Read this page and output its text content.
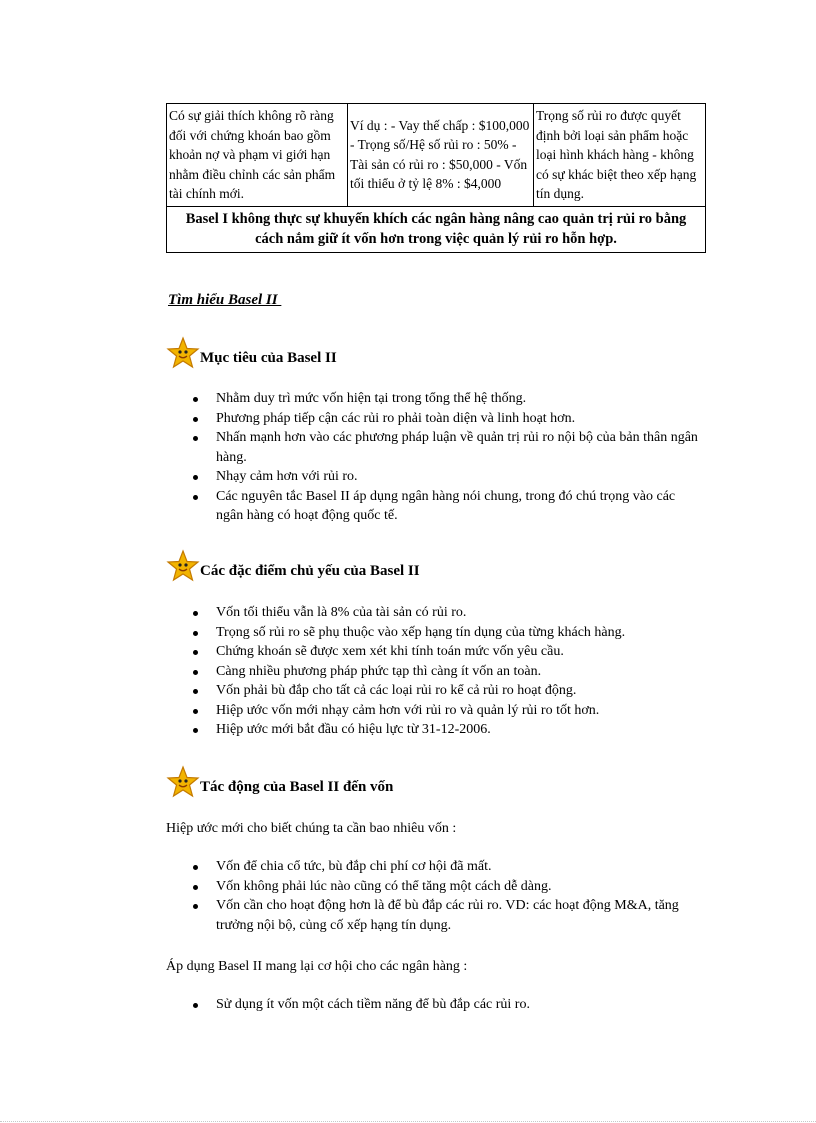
Có sự giải thích không rõ ràng đối với chứng khoán bao gồm khoản nợ và phạm vi giới hạn nhằm điều chỉnh các sản phẩm tài chính mới.	Ví dụ : - Vay thế chấp : $100,000 - Trọng số/Hệ số rủi ro : 50% - Tài sản có rủi ro : $50,000 - Vốn tối thiểu ở tỷ lệ 8% : $4,000	Trọng số rủi ro được quyết định bởi loại sản phẩm hoặc loại hình khách hàng - không có sự khác biệt theo xếp hạng tín dụng.
Basel I không thực sự khuyến khích các ngân hàng nâng cao quản trị rủi ro bằng cách nắm giữ ít vốn hơn trong việc quản lý rủi ro hỗn hợp.
Tìm hiểu Basel II
Mục tiêu của Basel II
Nhằm duy trì mức vốn hiện tại trong tổng thể hệ thống.
Phương pháp tiếp cận các rủi ro phải toàn diện và linh hoạt hơn.
Nhấn mạnh hơn vào các phương pháp luận về quản trị rủi ro nội bộ của bản thân ngân hàng.
Nhạy cảm hơn với rủi ro.
Các nguyên tắc Basel II áp dụng ngân hàng nói chung, trong đó chú trọng vào các ngân hàng có hoạt động quốc tế.
Các đặc điểm chủ yếu của Basel II
Vốn tối thiểu vẫn là 8% của tài sản có rủi ro.
Trọng số rủi ro sẽ phụ thuộc vào xếp hạng tín dụng của từng khách hàng.
Chứng khoán sẽ được xem xét khi tính toán mức vốn yêu cầu.
Càng nhiều phương pháp phức tạp thì càng ít vốn an toàn.
Vốn phải bù đắp cho tất cả các loại rủi ro kể cả rủi ro hoạt động.
Hiệp ước vốn mới nhạy cảm hơn với rủi ro và quản lý rủi ro tốt hơn.
Hiệp ước mới bắt đầu có hiệu lực từ 31-12-2006.
Tác động của Basel II đến vốn
Hiệp ước mới cho biết chúng ta cần bao nhiêu vốn :
Vốn để chia cổ tức, bù đắp chi phí cơ hội đã mất.
Vốn không phải lúc nào cũng có thể tăng một cách dễ dàng.
Vốn cần cho hoạt động hơn là để bù đắp các rủi ro. VD: các hoạt động M&A, tăng trưởng nội bộ, củng cố xếp hạng tín dụng.
Áp dụng Basel II mang lại cơ hội cho các ngân hàng :
Sử dụng ít vốn một cách tiềm năng để bù đắp các rủi ro.
